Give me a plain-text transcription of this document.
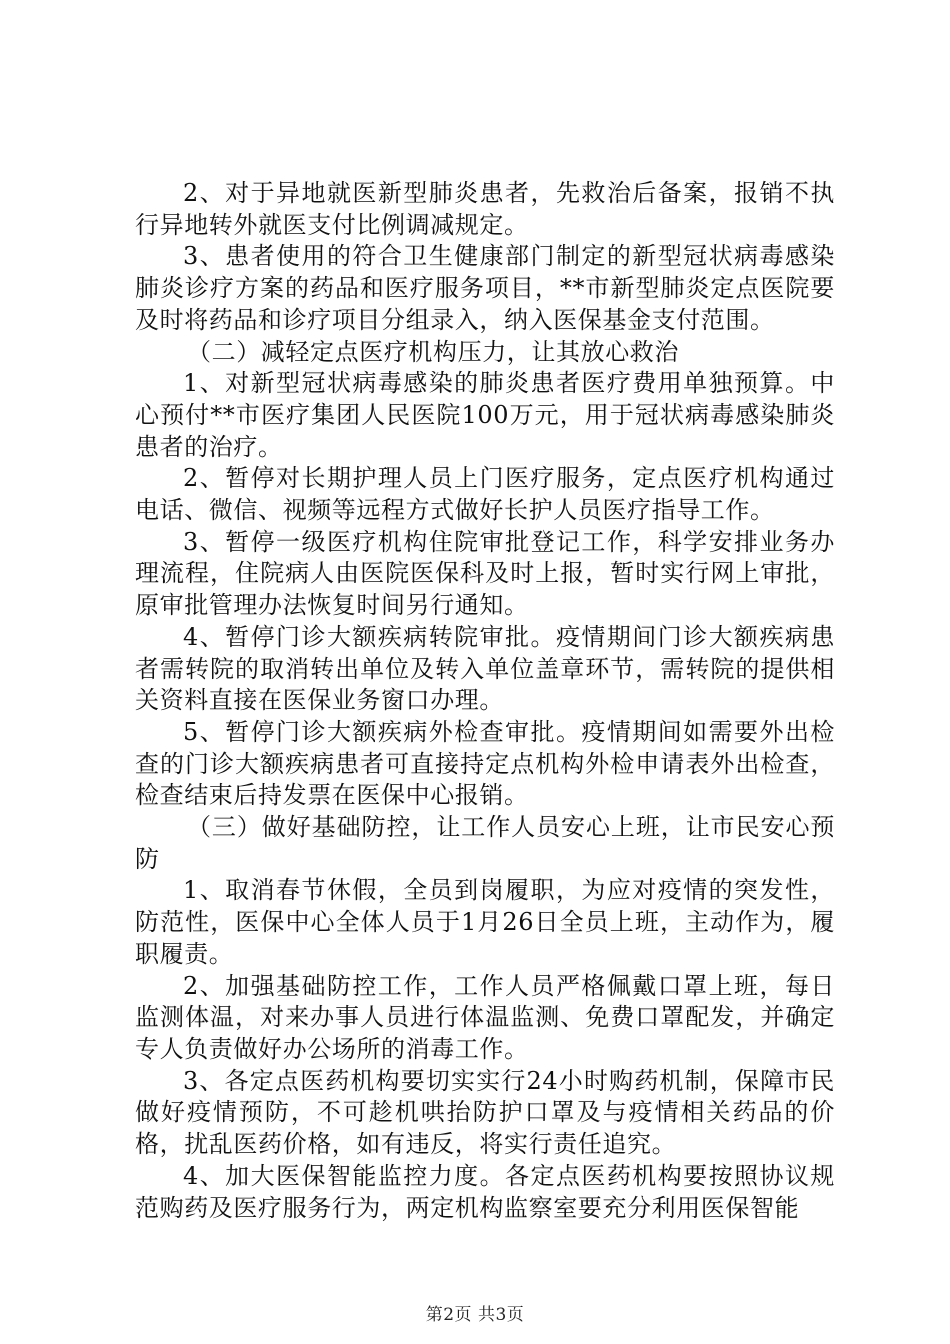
2、对于异地就医新型肺炎患者，先救治后备案，报销不执行异地转外就医支付比例调减规定。

3、患者使用的符合卫生健康部门制定的新型冠状病毒感染肺炎诊疗方案的药品和医疗服务项目，**市新型肺炎定点医院要及时将药品和诊疗项目分组录入，纳入医保基金支付范围。

（二）减轻定点医疗机构压力，让其放心救治

1、对新型冠状病毒感染的肺炎患者医疗费用单独预算。中心预付**市医疗集团人民医院100万元，用于冠状病毒感染肺炎患者的治疗。

2、暂停对长期护理人员上门医疗服务，定点医疗机构通过电话、微信、视频等远程方式做好长护人员医疗指导工作。

3、暂停一级医疗机构住院审批登记工作，科学安排业务办理流程，住院病人由医院医保科及时上报，暂时实行网上审批，原审批管理办法恢复时间另行通知。

4、暂停门诊大额疾病转院审批。疫情期间门诊大额疾病患者需转院的取消转出单位及转入单位盖章环节，需转院的提供相关资料直接在医保业务窗口办理。

5、暂停门诊大额疾病外检查审批。疫情期间如需要外出检查的门诊大额疾病患者可直接持定点机构外检申请表外出检查，检查结束后持发票在医保中心报销。

（三）做好基础防控，让工作人员安心上班，让市民安心预防

1、取消春节休假，全员到岗履职，为应对疫情的突发性，防范性，医保中心全体人员于1月26日全员上班，主动作为，履职履责。

2、加强基础防控工作，工作人员严格佩戴口罩上班，每日监测体温，对来办事人员进行体温监测、免费口罩配发，并确定专人负责做好办公场所的消毒工作。

3、各定点医药机构要切实实行24小时购药机制，保障市民做好疫情预防，不可趁机哄抬防护口罩及与疫情相关药品的价格，扰乱医药价格，如有违反，将实行责任追究。

4、加大医保智能监控力度。各定点医药机构要按照协议规范购药及医疗服务行为，两定机构监察室要充分利用医保智能

第2页 共3页
